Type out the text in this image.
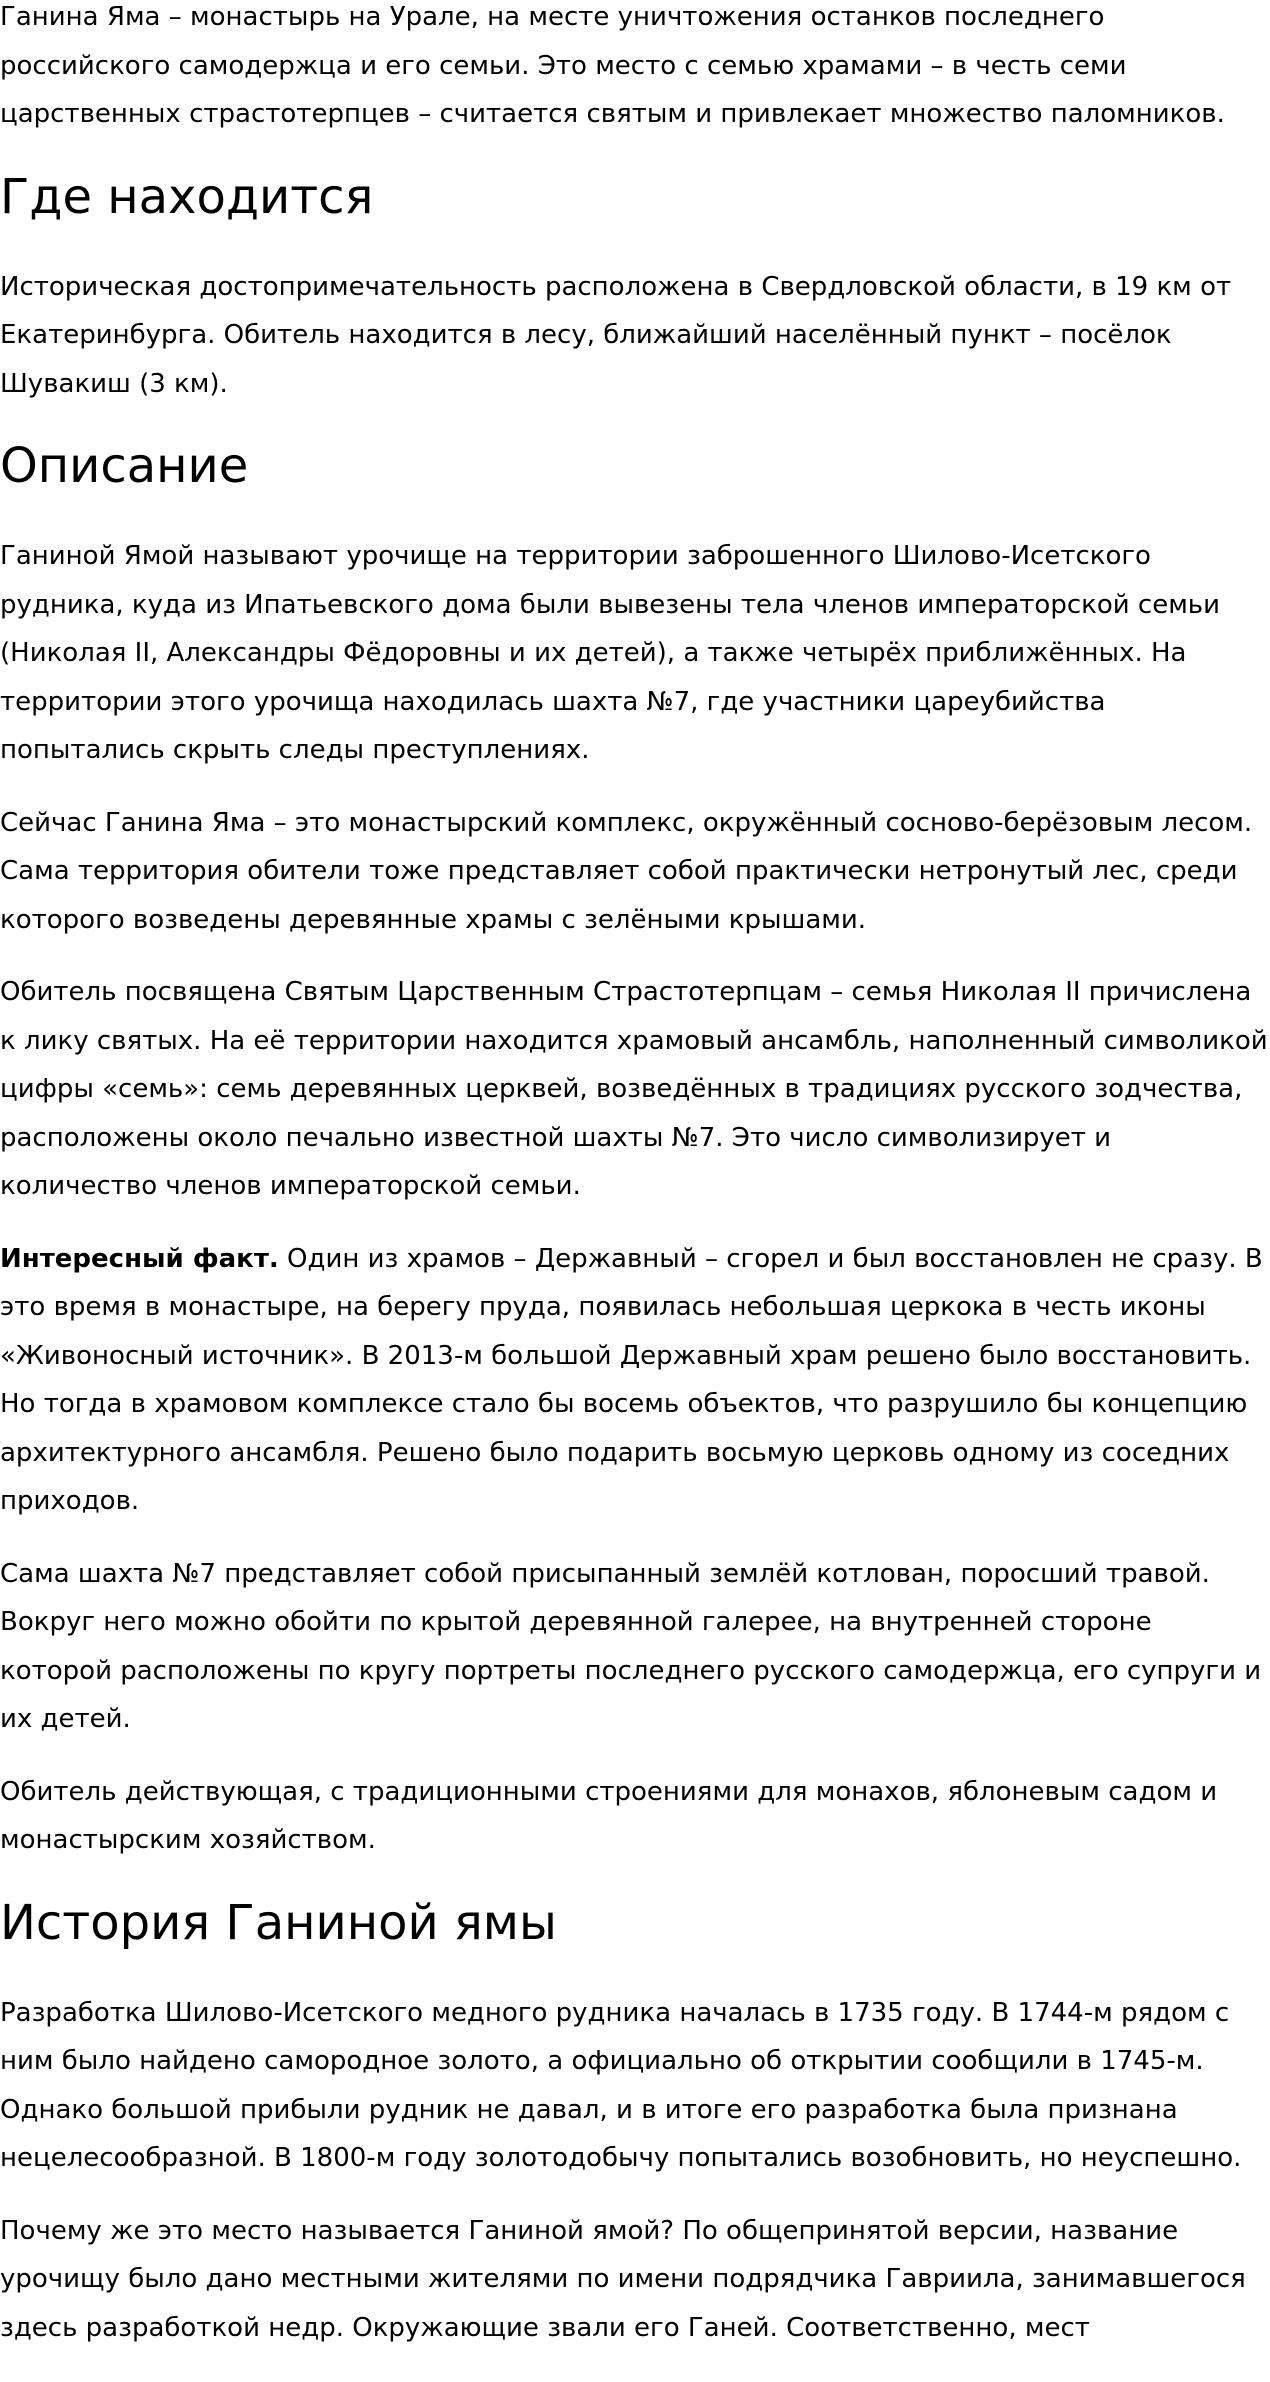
Ганина Яма – монастырь на Урале, на месте уничтожения останков последнего российского самодержца и его семьи. Это место с семью храмами – в честь семи царственных страстотерпцев – считается святым и привлекает множество паломников.

Где находится

Историческая достопримечательность расположена в Свердловской области, в 19 км от Екатеринбурга. Обитель находится в лесу, ближайший населённый пункт – посёлок Шувакиш (3 км).

Описание

Ганиной Ямой называют урочище на территории заброшенного Шилово-Исетского рудника, куда из Ипатьевского дома были вывезены тела членов императорской семьи (Николая II, Александры Фёдоровны и их детей), а также четырёх приближённых. На территории этого урочища находилась шахта №7, где участники цареубийства попытались скрыть следы преступлениях.

Сейчас Ганина Яма – это монастырский комплекс, окружённый сосново-берёзовым лесом. Сама территория обители тоже представляет собой практически нетронутый лес, среди которого возведены деревянные храмы с зелёными крышами.

Обитель посвящена Святым Царственным Страстотерпцам – семья Николая II причислена к лику святых. На её территории находится храмовый ансамбль, наполненный символикой цифры «семь»: семь деревянных церквей, возведённых в традициях русского зодчества, расположены около печально известной шахты №7. Это число символизирует и количество членов императорской семьи.

Интересный факт. Один из храмов – Державный – сгорел и был восстановлен не сразу. В это время в монастыре, на берегу пруда, появилась небольшая церкока в честь иконы «Живоносный источник». В 2013-м большой Державный храм решено было восстановить. Но тогда в храмовом комплексе стало бы восемь объектов, что разрушило бы концепцию архитектурного ансамбля. Решено было подарить восьмую церковь одному из соседних приходов.

Сама шахта №7 представляет собой присыпанный землёй котлован, поросший травой. Вокруг него можно обойти по крытой деревянной галерее, на внутренней стороне которой расположены по кругу портреты последнего русского самодержца, его супруги и их детей.

Обитель действующая, с традиционными строениями для монахов, яблоневым садом и монастырским хозяйством.

История Ганиной ямы

Разработка Шилово-Исетского медного рудника началась в 1735 году. В 1744-м рядом с ним было найдено самородное золото, а официально об открытии сообщили в 1745-м. Однако большой прибыли рудник не давал, и в итоге его разработка была признана нецелесообразной. В 1800-м году золотодобычу попытались возобновить, но неуспешно.

Почему же это место называется Ганиной ямой? По общепринятой версии, название урочищу было дано местными жителями по имени подрядчика Гавриила, занимавшегося здесь разработкой недр. Окружающие звали его Ганей. Соответственно, мест
